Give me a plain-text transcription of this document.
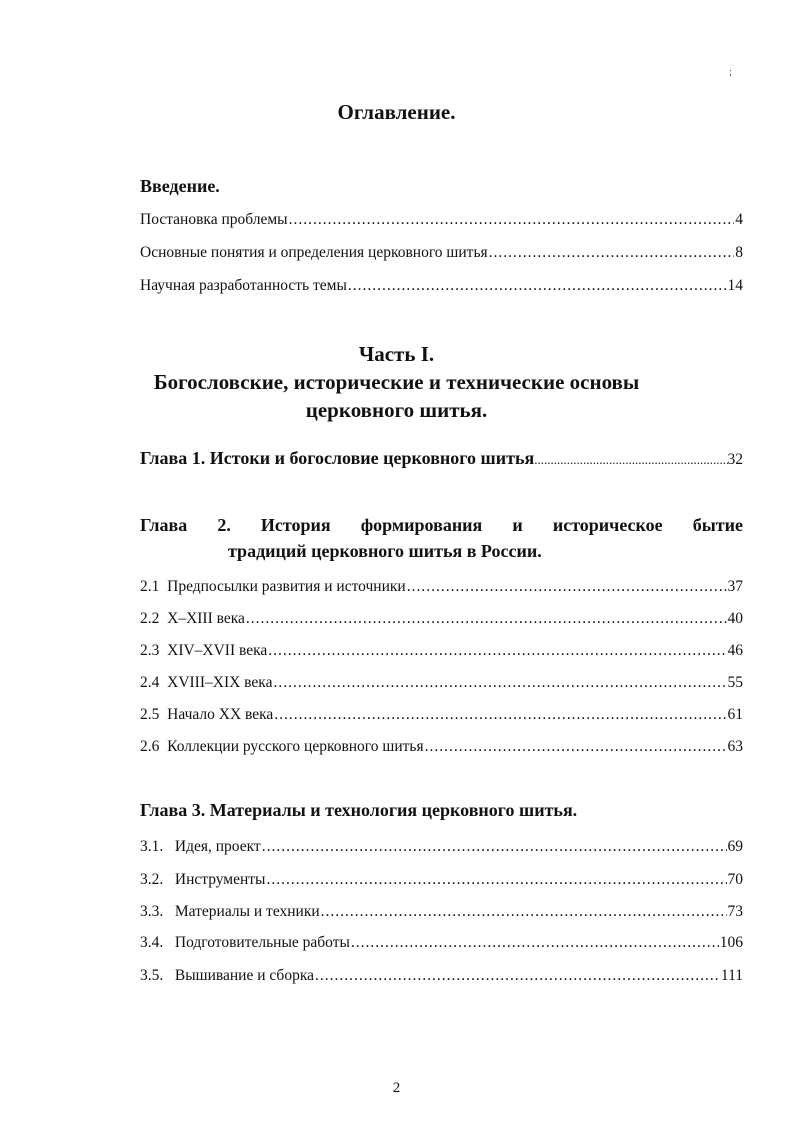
;
Оглавление.
Введение.
Постановка проблемы .....	4
Основные понятия и определения церковного шитья .....	8
Научная разработанность темы .....	14
Часть I.
Богословские, исторические и технические основы
церковного шитья.
Глава 1. Истоки и богословие церковного шитья .....	32
Глава 2. История формирования и историческое бытие
традиций церковного шитья в России.
2.1 Предпосылки развития и источники .....	37
2.2 X–XIII века .....	40
2.3 XIV–XVII века .....	46
2.4 XVIII–XIX века .....	55
2.5 Начало XX века .....	61
2.6 Коллекции русского церковного шитья .....	63
Глава 3. Материалы и технология церковного шитья.
3.1. Идея, проект .....	69
3.2. Инструменты .....	70
3.3. Материалы и техники .....	73
3.4. Подготовительные работы .....	106
3.5. Вышивание и сборка .....	111
2
